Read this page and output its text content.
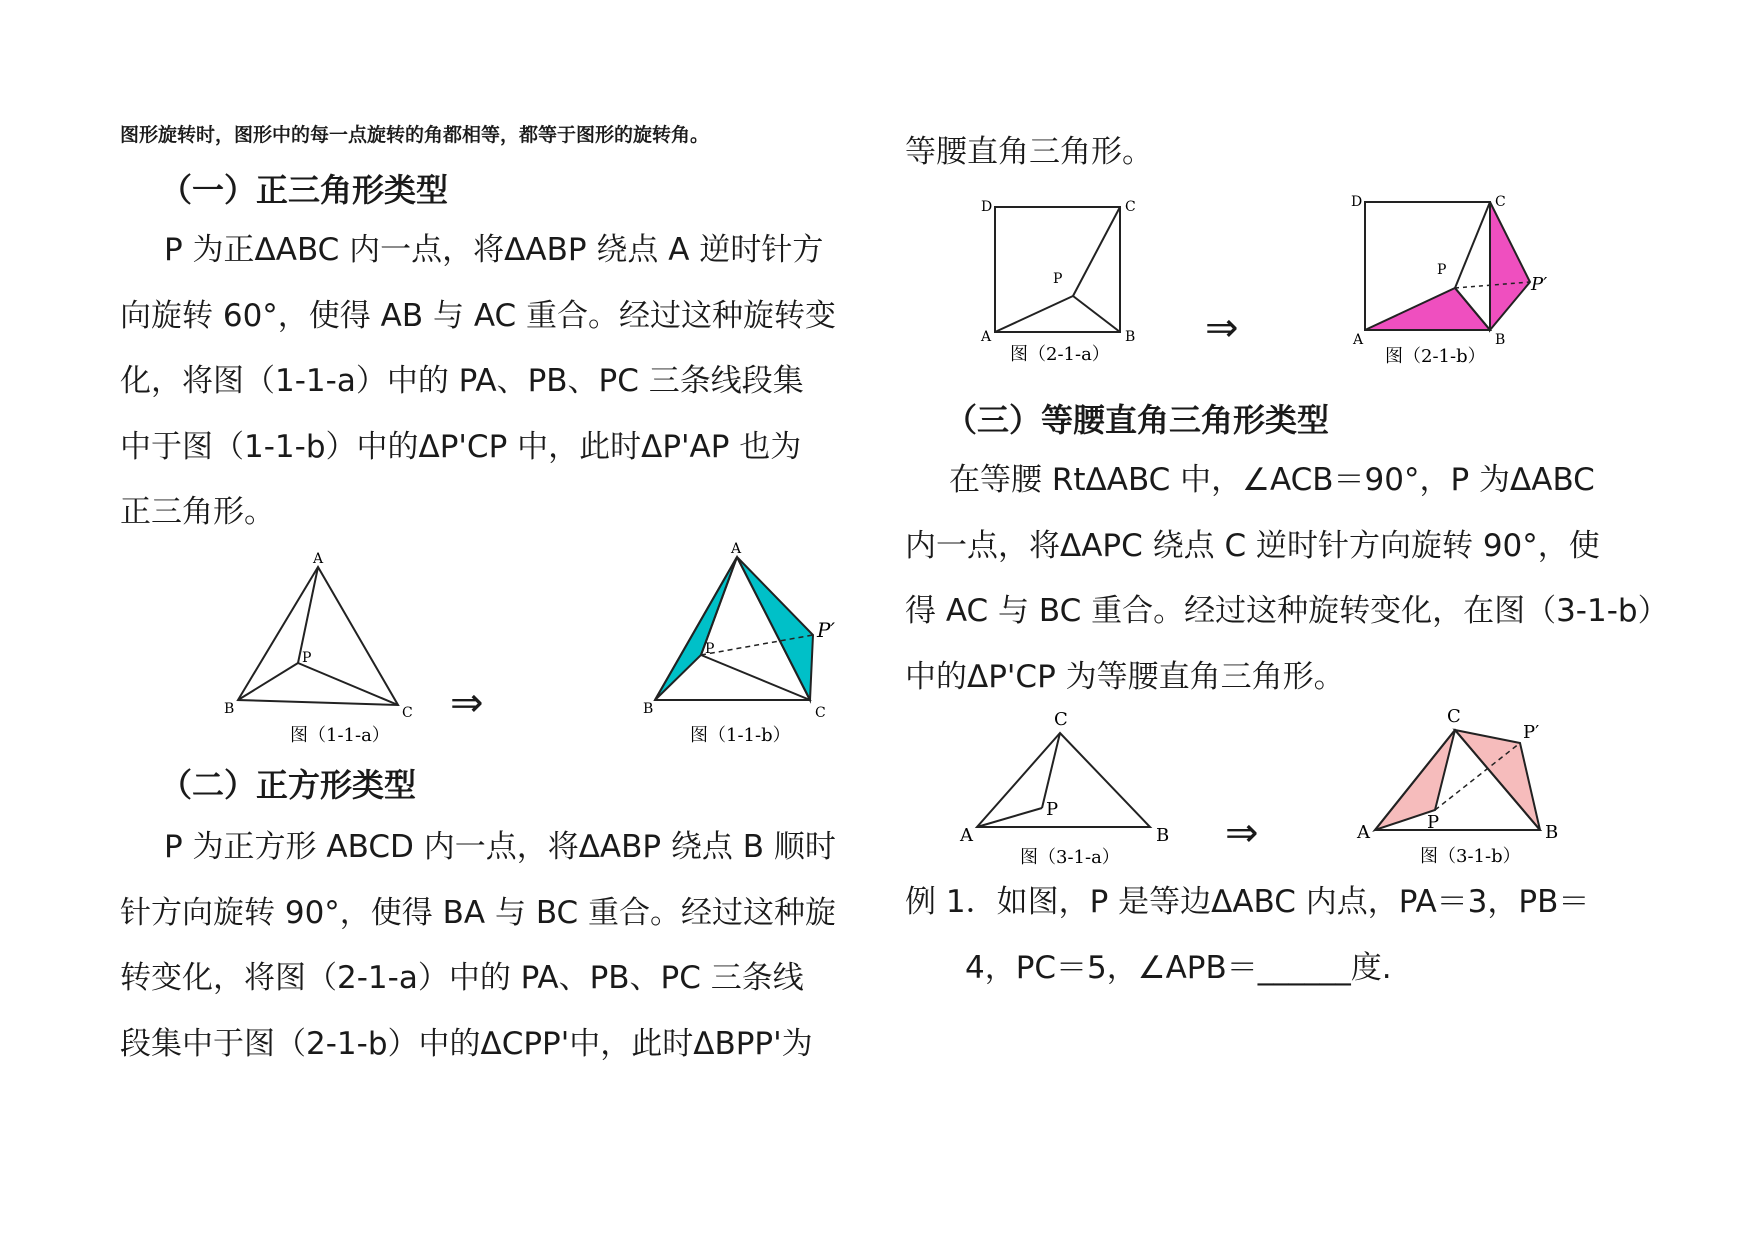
图形旋转时，图形中的每一点旋转的角都相等，都等于图形的旋转角。
（一）正三角形类型

P 为正ΔABC 内一点，将ΔABP 绕点 A 逆时针方
向旋转 60°，使得 AB 与 AC 重合。经过这种旋转变
化，将图（1-1-a）中的 PA、PB、PC 三条线段集
中于图（1-1-b）中的ΔP'CP 中，此时ΔP'AP 也为
正三角形。

A
B	C
P
图（1-1-a）
⇒
A
B	C
P
P′
图（1-1-b）
（二）正方形类型

P 为正方形 ABCD 内一点，将ΔABP 绕点 B 顺时
针方向旋转 90°，使得 BA 与 BC 重合。经过这种旋
转变化，将图（2-1-a）中的 PA、PB、PC 三条线
段集中于图（2-1-b）中的ΔCPP'中，此时ΔBPP'为

等腰直角三角形。

D	C
A	B
P
图（2-1-a）
⇒
D	C
A	B
P
P′
图（2-1-b）
（三）等腰直角三角形类型

在等腰 RtΔABC 中，∠ACB＝90°，P 为ΔABC
内一点，将ΔAPC 绕点 C 逆时针方向旋转 90°，使
得 AC 与 BC 重合。经过这种旋转变化，在图（3-1-b）
中的ΔP'CP 为等腰直角三角形。

C
A	B
P
图（3-1-a）
⇒
C
A	B
P
P′
图（3-1-b）

例 1．如图，P 是等边ΔABC 内点，PA＝3，PB＝
4，PC＝5，∠APB＝______度.
